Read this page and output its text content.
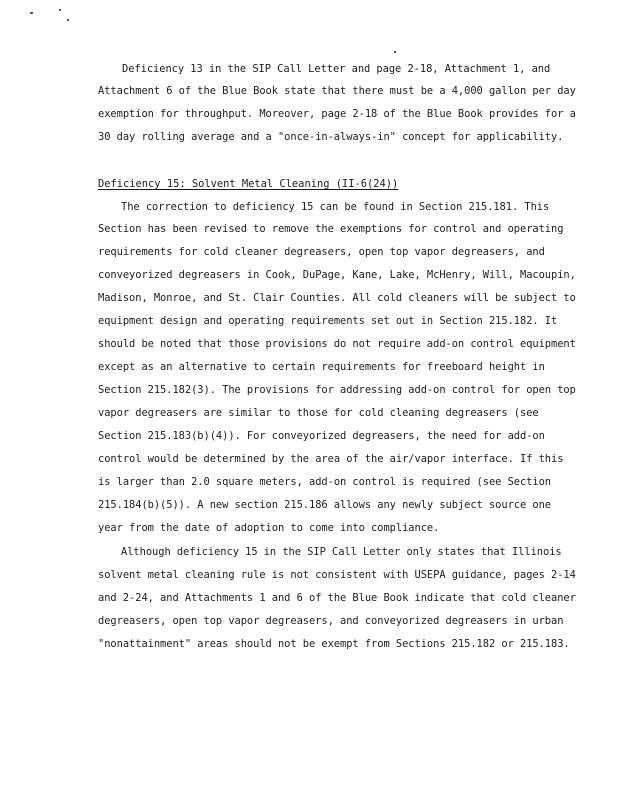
Deficiency 13 in the SIP Call Letter and page 2-18, Attachment 1, and
Attachment 6 of the Blue Book state that there must be a 4,000 gallon per day
exemption for throughput. Moreover, page 2-18 of the Blue Book provides for a
30 day rolling average and a "once-in-always-in" concept for applicability.
Deficiency 15: Solvent Metal Cleaning (II-6(24))
The correction to deficiency 15 can be found in Section 215.181. This
Section has been revised to remove the exemptions for control and operating
requirements for cold cleaner degreasers, open top vapor degreasers, and
conveyorized degreasers in Cook, DuPage, Kane, Lake, McHenry, Will, Macoupin,
Madison, Monroe, and St. Clair Counties. All cold cleaners will be subject to
equipment design and operating requirements set out in Section 215.182. It
should be noted that those provisions do not require add-on control equipment
except as an alternative to certain requirements for freeboard height in
Section 215.182(3). The provisions for addressing add-on control for open top
vapor degreasers are similar to those for cold cleaning degreasers (see
Section 215.183(b)(4)). For conveyorized degreasers, the need for add-on
control would be determined by the area of the air/vapor interface. If this
is larger than 2.0 square meters, add-on control is required (see Section
215.184(b)(5)). A new section 215.186 allows any newly subject source one
year from the date of adoption to come into compliance.
Although deficiency 15 in the SIP Call Letter only states that Illinois
solvent metal cleaning rule is not consistent with USEPA guidance, pages 2-14
and 2-24, and Attachments 1 and 6 of the Blue Book indicate that cold cleaner
degreasers, open top vapor degreasers, and conveyorized degreasers in urban
"nonattainment" areas should not be exempt from Sections 215.182 or 215.183.
